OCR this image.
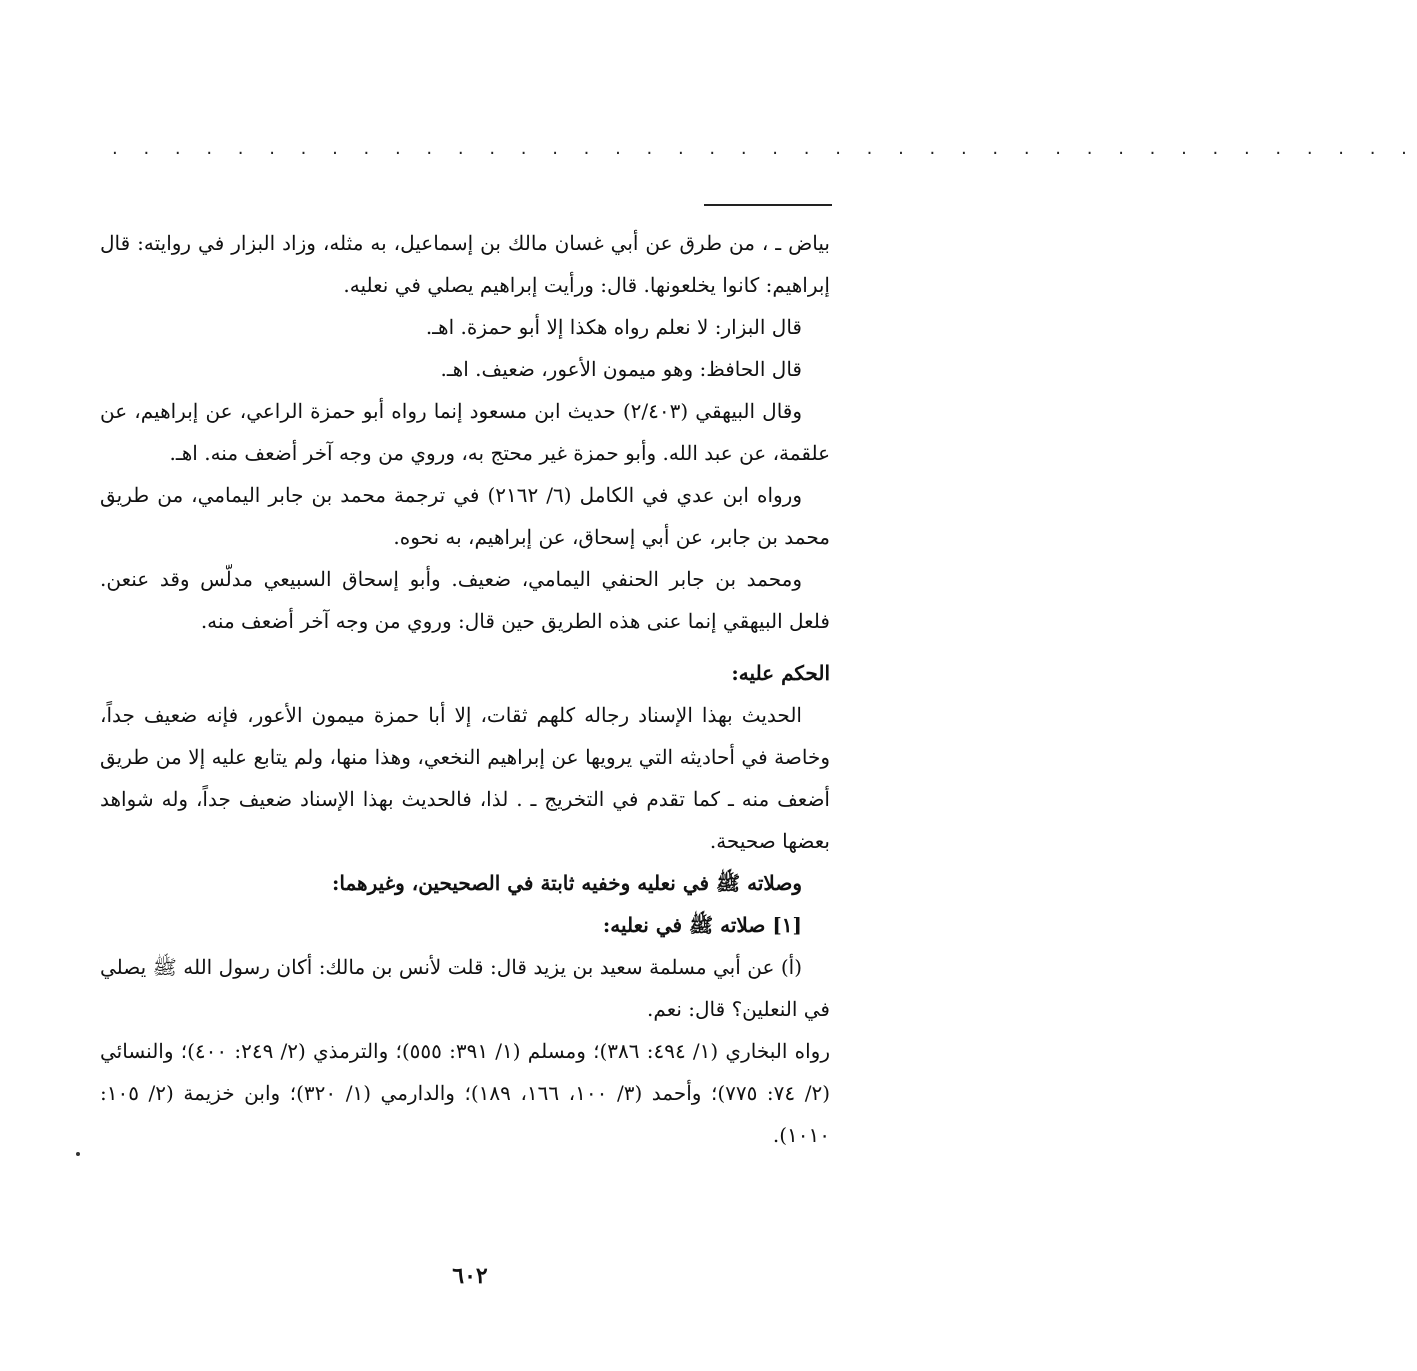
. . . . . . . . . . . . . . . . . . . . . . . . . . . . . . . . . . . . . . . . . .

بياض ـ ، من طرق عن أبي غسان مالك بن إسماعيل، به مثله، وزاد البزار في روايته: قال إبراهيم: كانوا يخلعونها. قال: ورأيت إبراهيم يصلي في نعليه.

قال البزار: لا نعلم رواه هكذا إلا أبو حمزة. اهـ.

قال الحافظ: وهو ميمون الأعور، ضعيف. اهـ.

وقال البيهقي (٢/٤٠٣) حديث ابن مسعود إنما رواه أبو حمزة الراعي، عن إبراهيم، عن علقمة، عن عبد الله. وأبو حمزة غير محتج به، وروي من وجه آخر أضعف منه. اهـ.

ورواه ابن عدي في الكامل (٦/ ٢١٦٢) في ترجمة محمد بن جابر اليمامي، من طريق محمد بن جابر، عن أبي إسحاق، عن إبراهيم، به نحوه.

ومحمد بن جابر الحنفي اليمامي، ضعيف. وأبو إسحاق السبيعي مدلّس وقد عنعن. فلعل البيهقي إنما عنى هذه الطريق حين قال: وروي من وجه آخر أضعف منه.

الحكم عليه:

الحديث بهذا الإسناد رجاله كلهم ثقات، إلا أبا حمزة ميمون الأعور، فإنه ضعيف جداً، وخاصة في أحاديثه التي يرويها عن إبراهيم النخعي، وهذا منها، ولم يتابع عليه إلا من طريق أضعف منه ـ كما تقدم في التخريج ـ . لذا، فالحديث بهذا الإسناد ضعيف جداً، وله شواهد بعضها صحيحة.

وصلاته ﷺ في نعليه وخفيه ثابتة في الصحيحين، وغيرهما:

[١] صلاته ﷺ في نعليه:

(أ) عن أبي مسلمة سعيد بن يزيد قال: قلت لأنس بن مالك: أكان رسول الله ﷺ يصلي في النعلين؟ قال: نعم.

رواه البخاري (١/ ٤٩٤: ٣٨٦)؛ ومسلم (١/ ٣٩١: ٥٥٥)؛ والترمذي (٢/ ٢٤٩: ٤٠٠)؛ والنسائي (٢/ ٧٤: ٧٧٥)؛ وأحمد (٣/ ١٠٠، ١٦٦، ١٨٩)؛ والدارمي (١/ ٣٢٠)؛ وابن خزيمة (٢/ ١٠٥: ١٠١٠).

٦٠٢
